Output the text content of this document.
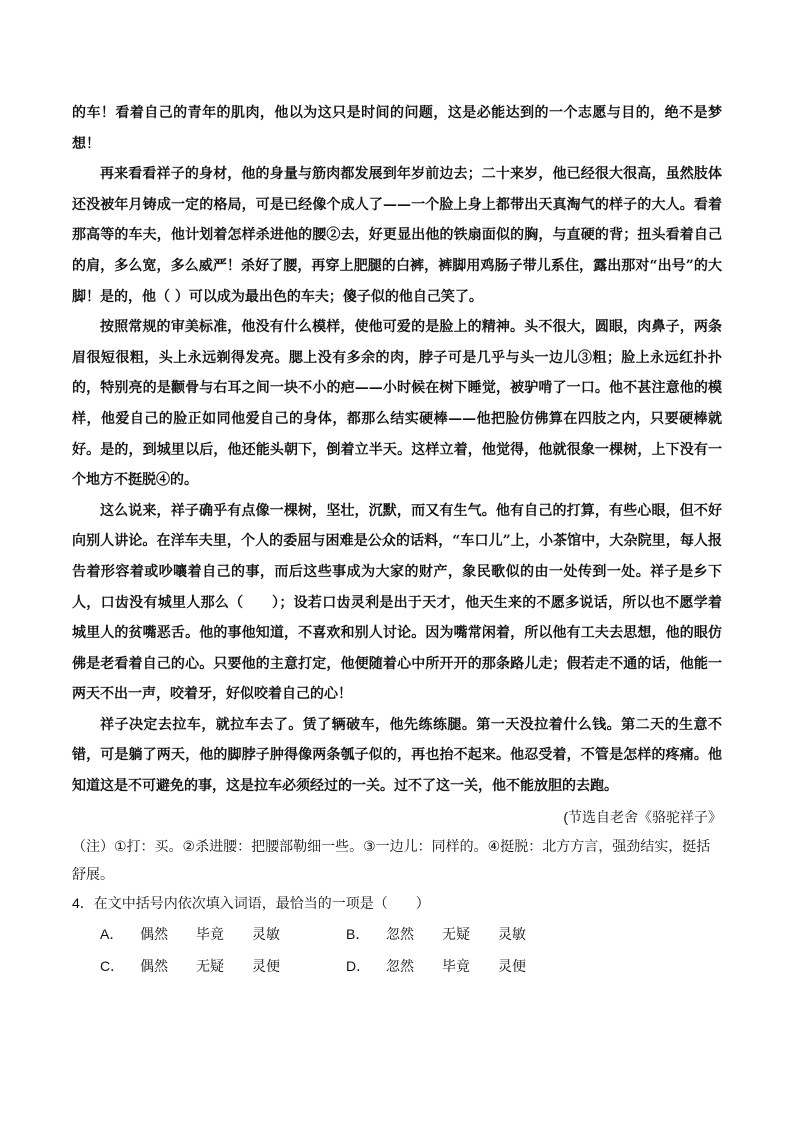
的车！看着自己的青年的肌肉，他以为这只是时间的问题，这是必能达到的一个志愿与目的，绝不是梦想！

再来看看祥子的身材，他的身量与筋肉都发展到年岁前边去；二十来岁，他已经很大很高，虽然肢体还没被年月铸成一定的格局，可是已经像个成人了——一个脸上身上都带出天真淘气的样子的大人。看着那高等的车夫，他计划着怎样杀进他的腰②去，好更显出他的铁扇面似的胸，与直硬的背；扭头看着自己的肩，多么宽，多么威严！杀好了腰，再穿上肥腿的白裤，裤脚用鸡肠子带儿系住，露出那对“出号”的大脚！是的，他（ ）可以成为最出色的车夫；傻子似的他自己笑了。

按照常规的审美标准，他没有什么模样，使他可爱的是脸上的精神。头不很大，圆眼，肉鼻子，两条眉很短很粗，头上永远剃得发亮。腮上没有多余的肉，脖子可是几乎与头一边儿③粗；脸上永远红扑扑的，特别亮的是颧骨与右耳之间一块不小的疤——小时候在树下睡觉，被驴啃了一口。他不甚注意他的模样，他爱自己的脸正如同他爱自己的身体，都那么结实硬棒——他把脸仿佛算在四肢之内，只要硬棒就好。是的，到城里以后，他还能头朝下，倒着立半天。这样立着，他觉得，他就很象一棵树，上下没有一个地方不挺脱④的。

这么说来，祥子确乎有点像一棵树，坚壮，沉默，而又有生气。他有自己的打算，有些心眼，但不好向别人讲论。在洋车夫里，个人的委屈与困难是公众的话料，“车口儿”上，小茶馆中，大杂院里，每人报告着形容着或吵嚷着自己的事，而后这些事成为大家的财产，象民歌似的由一处传到一处。祥子是乡下人，口齿没有城里人那么（　　）；设若口齿灵利是出于天才，他天生来的不愿多说话，所以也不愿学着城里人的贫嘴恶舌。他的事他知道，不喜欢和别人讨论。因为嘴常闲着，所以他有工夫去思想，他的眼仿佛是老看着自己的心。只要他的主意打定，他便随着心中所开开的那条路儿走；假若走不通的话，他能一两天不出一声，咬着牙，好似咬着自己的心！

祥子决定去拉车，就拉车去了。赁了辆破车，他先练练腿。第一天没拉着什么钱。第二天的生意不错，可是躺了两天，他的脚脖子肿得像两条瓠子似的，再也抬不起来。他忍受着，不管是怎样的疼痛。他知道这是不可避免的事，这是拉车必须经过的一关。过不了这一关，他不能放胆的去跑。

(节选自老舍《骆驼祥子》

（注）①打：买。②杀进腰：把腰部勒细一些。③一边儿：同样的。④挺脱：北方方言，强劲结实，挺括

舒展。

4．在文中括号内依次填入词语，最恰当的一项是（　　）

A．	偶然	毕竟	灵敏	B．	忽然	无疑	灵敏
C．	偶然	无疑	灵便	D．	忽然	毕竟	灵便
